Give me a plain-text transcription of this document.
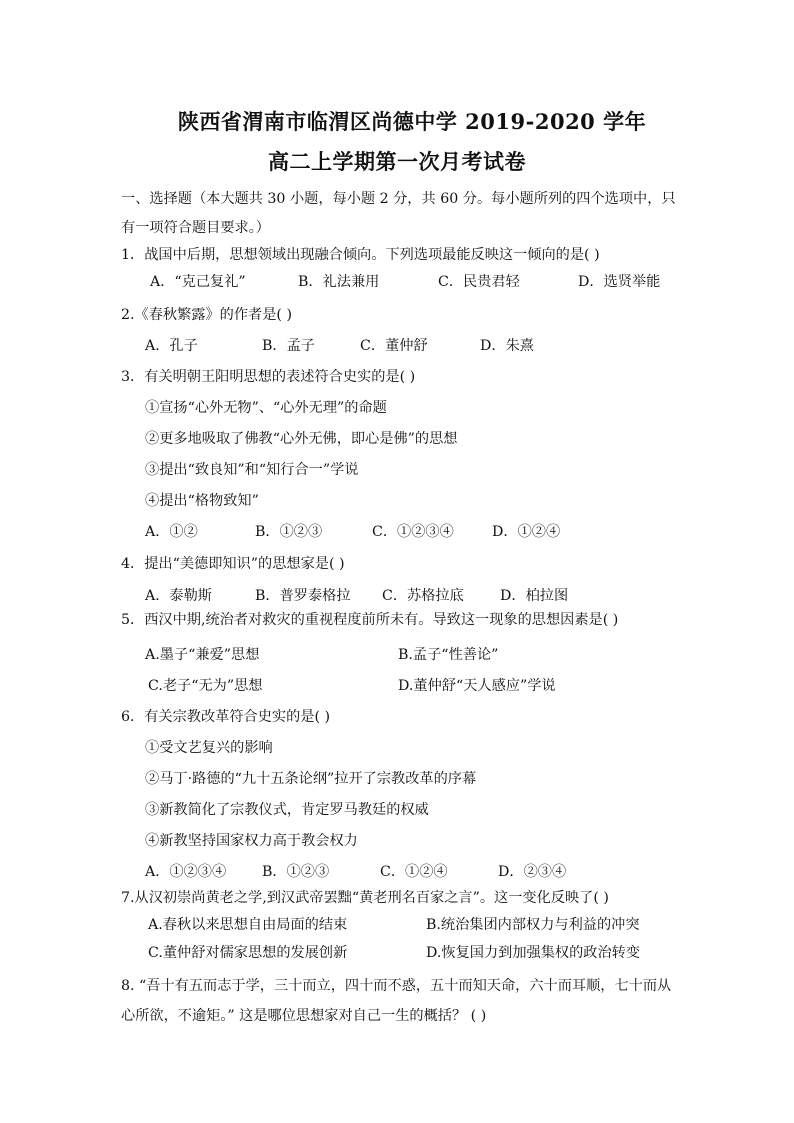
陕西省渭南市临渭区尚德中学 2019-2020 学年
高二上学期第一次月考试卷
一、选择题（本大题共 30 小题，每小题 2 分，共 60 分。每小题所列的四个选项中，只
有一项符合题目要求。）
1．战国中后期，思想领域出现融合倾向。下列选项最能反映这一倾向的是( )
A．“克己复礼”	B．礼法兼用	C．民贵君轻	D．选贤举能
2.《春秋繁露》的作者是( )
A．孔子	B．孟子	C．董仲舒	D．朱熹
3．有关明朝王阳明思想的表述符合史实的是( )
①宣扬“心外无物”、“心外无理”的命题
②更多地吸取了佛教“心外无佛，即心是佛”的思想
③提出“致良知”和“知行合一”学说
④提出“格物致知”
A．①②	B．①②③	C．①②③④	D．①②④
4．提出“美德即知识”的思想家是( )
A．泰勒斯	B．普罗泰格拉 C．苏格拉底	D．柏拉图
5．西汉中期,统治者对救灾的重视程度前所未有。导致这一现象的思想因素是( )
A.墨子“兼爱”思想	B.孟子“性善论”
C.老子“无为”思想	D.董仲舒“天人感应”学说
6．有关宗教改革符合史实的是( )
①受文艺复兴的影响
②马丁·路德的“九十五条论纲”拉开了宗教改革的序幕
③新教简化了宗教仪式，肯定罗马教廷的权威
④新教坚持国家权力高于教会权力
A．①②③④	B．①②③	C．①②④	D．②③④
7.从汉初崇尚黄老之学,到汉武帝罢黜“黄老刑名百家之言”。这一变化反映了( )
A.春秋以来思想自由局面的结束	B.统治集团内部权力与利益的冲突
C.董仲舒对儒家思想的发展创新	D.恢复国力到加强集权的政治转变
8. “吾十有五而志于学，三十而立，四十而不惑，五十而知天命，六十而耳顺，七十而从
心所欲，不逾矩。” 这是哪位思想家对自己一生的概括？ ( )
